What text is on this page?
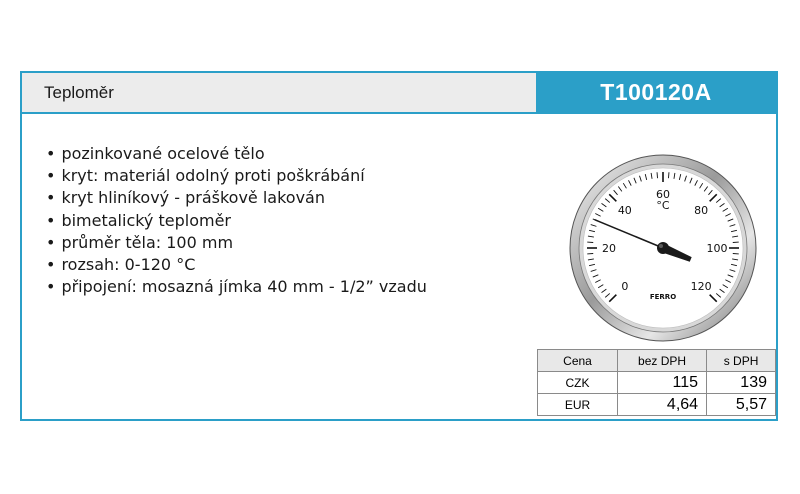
Teploměr	T100120A
• pozinkované ocelové tělo
• kryt: materiál odolný proti poškrábání
• kryt hliníkový - práškově lakován
• bimetalický teploměr
• průměr těla: 100 mm
• rozsah: 0-120 °C
• připojení: mosazná jímka 40 mm - 1/2” vzadu	0
20
40
60
80
100
120
°C
FERRO
Cena	bez DPH	s DPH
CZK	115	139
EUR	4,64	5,57
